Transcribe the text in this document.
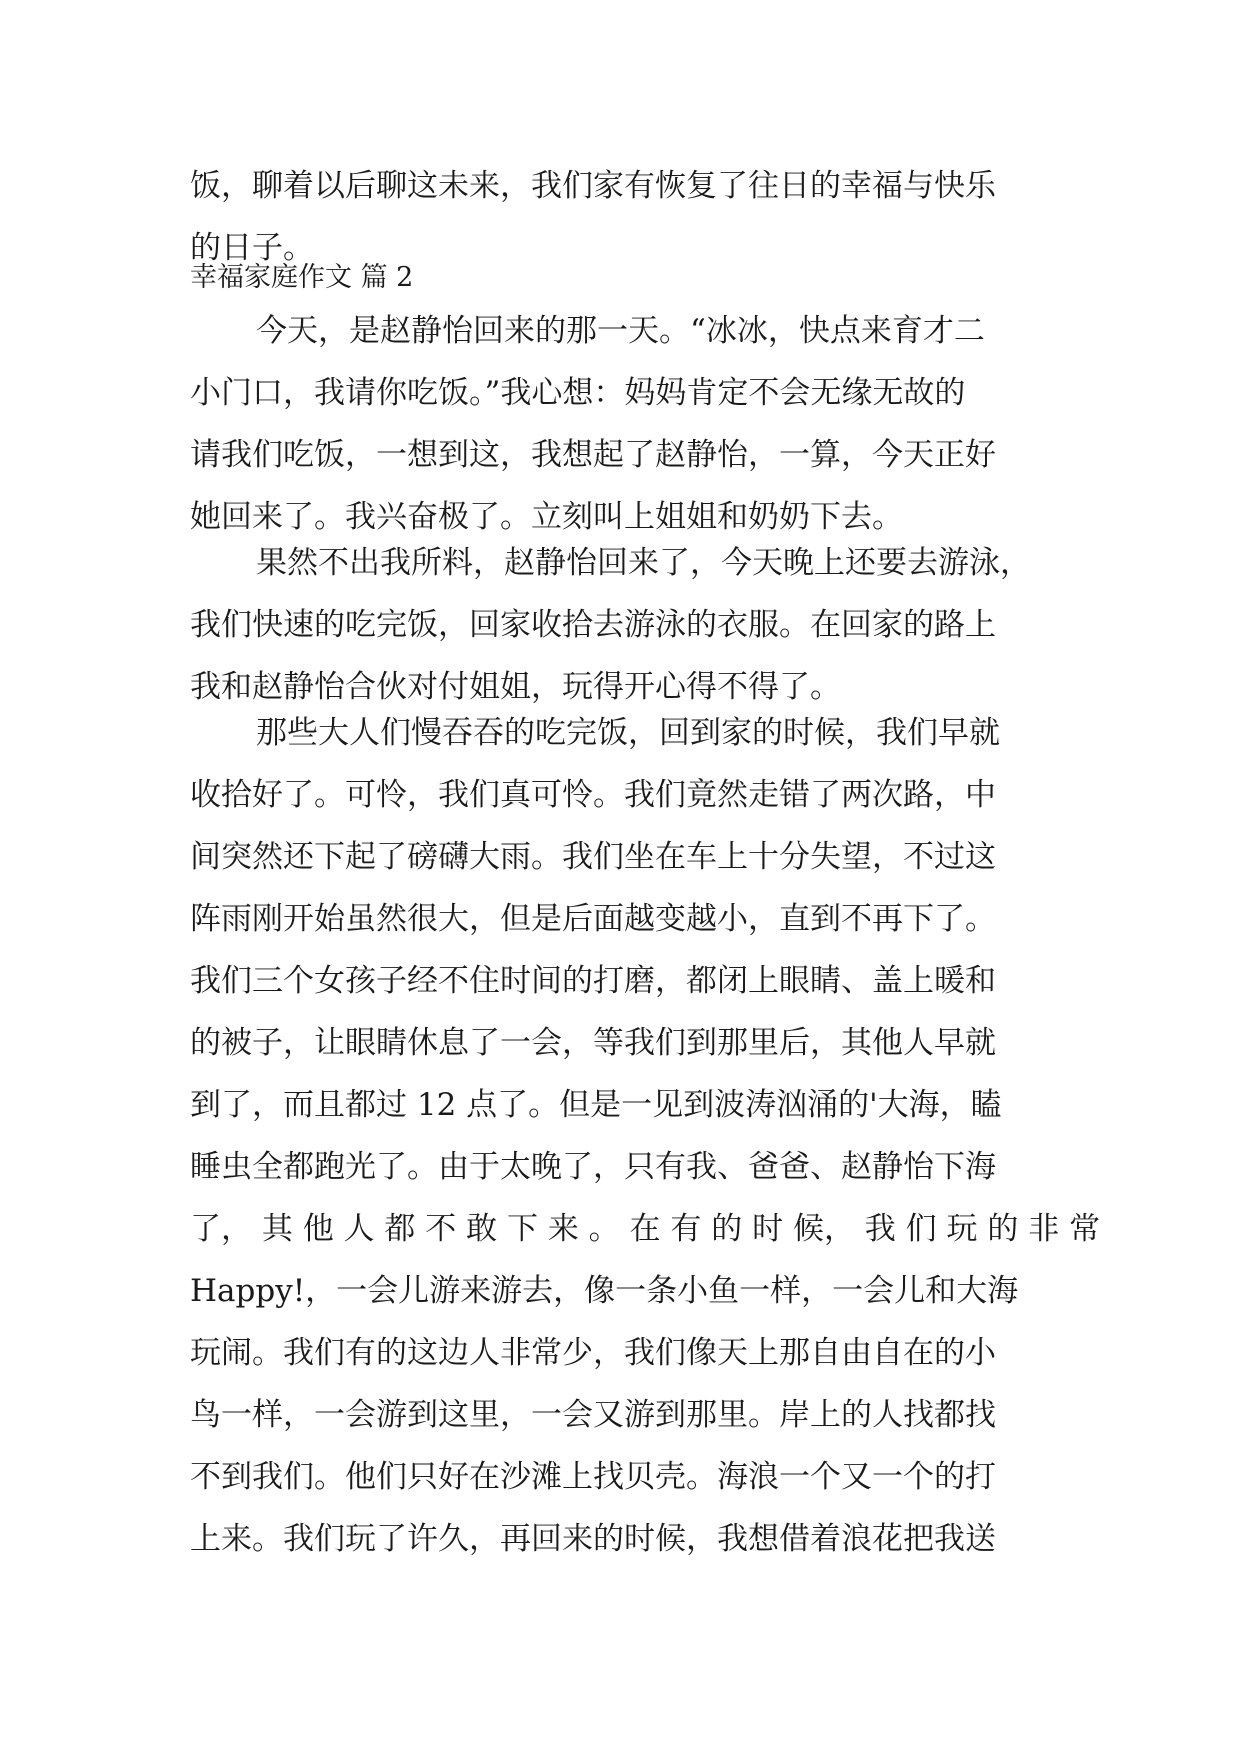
饭，聊着以后聊这未来，我们家有恢复了往日的幸福与快乐
的日子。
幸福家庭作文 篇 2
今天，是赵静怡回来的那一天。“冰冰，快点来育才二
小门口，我请你吃饭。”我心想：妈妈肯定不会无缘无故的
请我们吃饭，一想到这，我想起了赵静怡，一算，今天正好
她回来了。我兴奋极了。立刻叫上姐姐和奶奶下去。
果然不出我所料，赵静怡回来了，今天晚上还要去游泳，
我们快速的吃完饭，回家收拾去游泳的衣服。在回家的路上
我和赵静怡合伙对付姐姐，玩得开心得不得了。
那些大人们慢吞吞的吃完饭，回到家的时候，我们早就
收拾好了。可怜，我们真可怜。我们竟然走错了两次路，中
间突然还下起了磅礴大雨。我们坐在车上十分失望，不过这
阵雨刚开始虽然很大，但是后面越变越小，直到不再下了。
我们三个女孩子经不住时间的打磨，都闭上眼睛、盖上暖和
的被子，让眼睛休息了一会，等我们到那里后，其他人早就
到了，而且都过 12 点了。但是一见到波涛汹涌的'大海，瞌
睡虫全都跑光了。由于太晚了，只有我、爸爸、赵静怡下海
了， 其 他 人 都 不 敢 下 来 。 在 有 的 时 候， 我 们 玩 的 非 常
Happy!，一会儿游来游去，像一条小鱼一样，一会儿和大海
玩闹。我们有的这边人非常少，我们像天上那自由自在的小
鸟一样，一会游到这里，一会又游到那里。岸上的人找都找
不到我们。他们只好在沙滩上找贝壳。海浪一个又一个的打
上来。我们玩了许久，再回来的时候，我想借着浪花把我送
